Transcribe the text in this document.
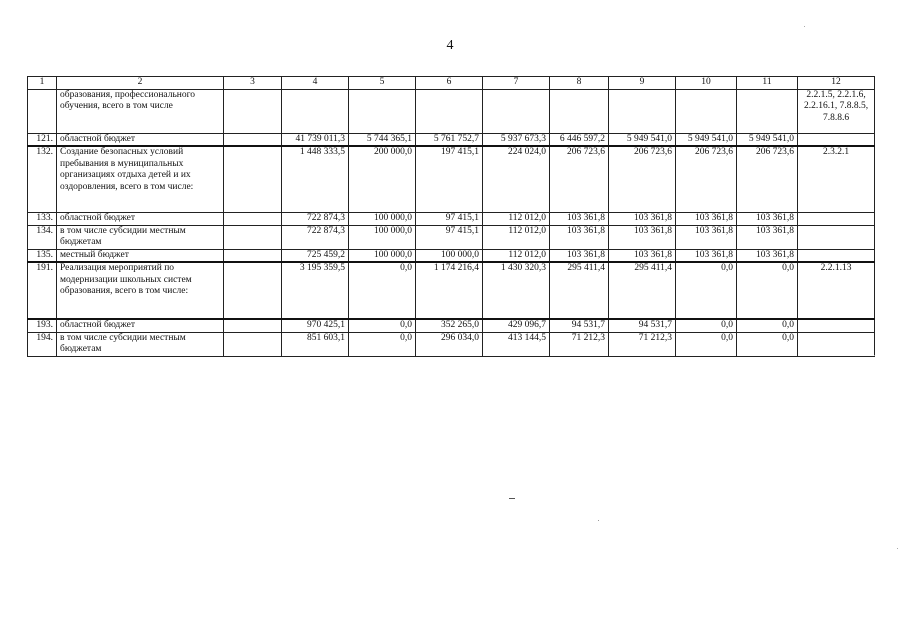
4
1	2	3	4	5	6	7	8	9	10	11	12
	образования, профессионального обучения, всего в том числе										2.2.1.5, 2.2.1.6, 2.2.16.1, 7.8.8.5, 7.8.8.6
121.	областной бюджет		41 739 011,3	5 744 365,1	5 761 752,7	5 937 673,3	6 446 597,2	5 949 541,0	5 949 541,0	5 949 541,0	
132.	Создание безопасных условий пребывания в муниципальных организациях отдыха детей и их оздоровления, всего в том числе:		1 448 333,5	200 000,0	197 415,1	224 024,0	206 723,6	206 723,6	206 723,6	206 723,6	2.3.2.1
133.	областной бюджет		722 874,3	100 000,0	97 415,1	112 012,0	103 361,8	103 361,8	103 361,8	103 361,8	
134.	в том числе субсидии местным бюджетам		722 874,3	100 000,0	97 415,1	112 012,0	103 361,8	103 361,8	103 361,8	103 361,8	
135.	местный бюджет		725 459,2	100 000,0	100 000,0	112 012,0	103 361,8	103 361,8	103 361,8	103 361,8	
191.	Реализация мероприятий по модернизации школьных систем образования, всего в том числе:		3 195 359,5	0,0	1 174 216,4	1 430 320,3	295 411,4	295 411,4	0,0	0,0	2.2.1.13
193.	областной бюджет		970 425,1	0,0	352 265,0	429 096,7	94 531,7	94 531,7	0,0	0,0	
194.	в том числе субсидии местным бюджетам		851 603,1	0,0	296 034,0	413 144,5	71 212,3	71 212,3	0,0	0,0	
